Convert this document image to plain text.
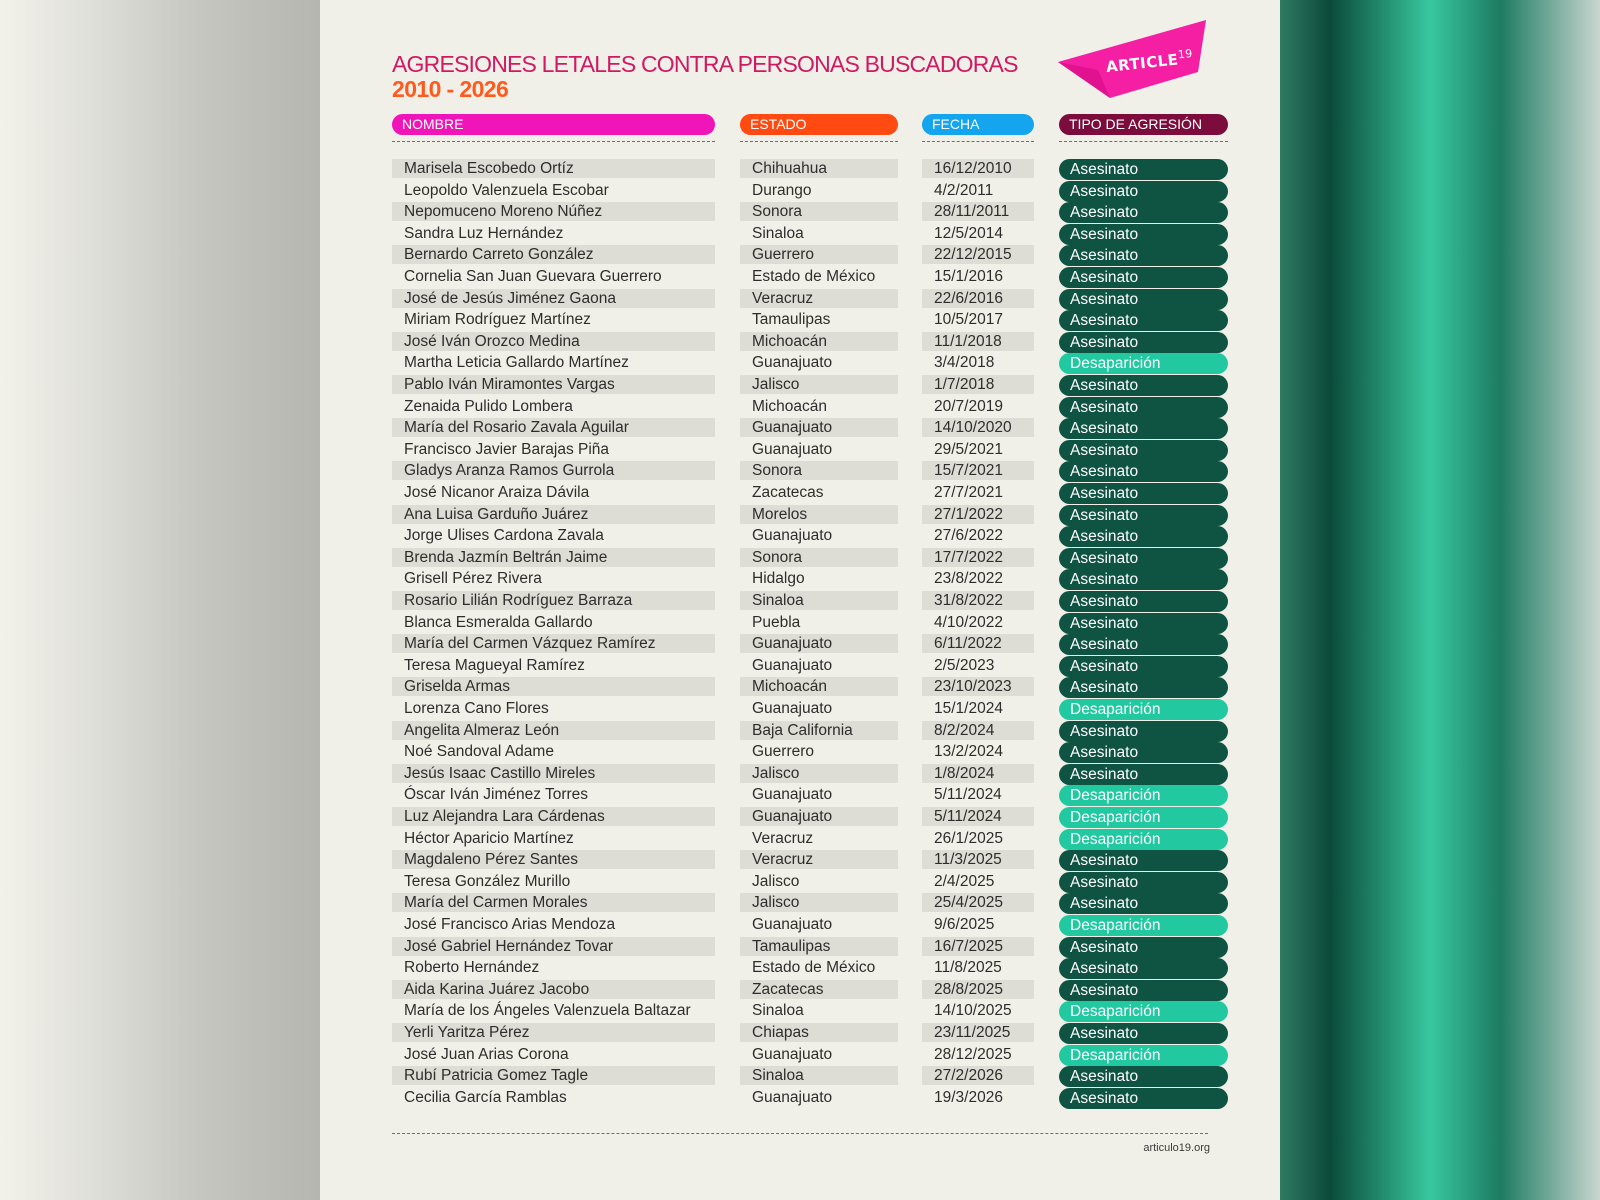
AGRESIONES LETALES CONTRA PERSONAS BUSCADORAS
2010 - 2026
ARTICLE$^{19}$
NOMBRE	ESTADO	FECHA	TIPO DE AGRESIÓN
Marisela Escobedo Ortíz	Chihuahua	16/12/2010	Asesinato
Leopoldo Valenzuela Escobar	Durango	4/2/2011	Asesinato
Nepomuceno Moreno Núñez	Sonora	28/11/2011	Asesinato
Sandra Luz Hernández	Sinaloa	12/5/2014	Asesinato
Bernardo Carreto González	Guerrero	22/12/2015	Asesinato
Cornelia San Juan Guevara Guerrero	Estado de México	15/1/2016	Asesinato
José de Jesús Jiménez Gaona	Veracruz	22/6/2016	Asesinato
Miriam Rodríguez Martínez	Tamaulipas	10/5/2017	Asesinato
José Iván Orozco Medina	Michoacán	11/1/2018	Asesinato
Martha Leticia Gallardo Martínez	Guanajuato	3/4/2018	Desaparición
Pablo Iván Miramontes Vargas	Jalisco	1/7/2018	Asesinato
Zenaida Pulido Lombera	Michoacán	20/7/2019	Asesinato
María del Rosario Zavala Aguilar	Guanajuato	14/10/2020	Asesinato
Francisco Javier Barajas Piña	Guanajuato	29/5/2021	Asesinato
Gladys Aranza Ramos Gurrola	Sonora	15/7/2021	Asesinato
José Nicanor Araiza Dávila	Zacatecas	27/7/2021	Asesinato
Ana Luisa Garduño Juárez	Morelos	27/1/2022	Asesinato
Jorge Ulises Cardona Zavala	Guanajuato	27/6/2022	Asesinato
Brenda Jazmín Beltrán Jaime	Sonora	17/7/2022	Asesinato
Grisell Pérez Rivera	Hidalgo	23/8/2022	Asesinato
Rosario Lilián Rodríguez Barraza	Sinaloa	31/8/2022	Asesinato
Blanca Esmeralda Gallardo	Puebla	4/10/2022	Asesinato
María del Carmen Vázquez Ramírez	Guanajuato	6/11/2022	Asesinato
Teresa Magueyal Ramírez	Guanajuato	2/5/2023	Asesinato
Griselda Armas	Michoacán	23/10/2023	Asesinato
Lorenza Cano Flores	Guanajuato	15/1/2024	Desaparición
Angelita Almeraz León	Baja California	8/2/2024	Asesinato
Noé Sandoval Adame	Guerrero	13/2/2024	Asesinato
Jesús Isaac Castillo Mireles	Jalisco	1/8/2024	Asesinato
Óscar Iván Jiménez Torres	Guanajuato	5/11/2024	Desaparición
Luz Alejandra Lara Cárdenas	Guanajuato	5/11/2024	Desaparición
Héctor Aparicio Martínez	Veracruz	26/1/2025	Desaparición
Magdaleno Pérez Santes	Veracruz	11/3/2025	Asesinato
Teresa González Murillo	Jalisco	2/4/2025	Asesinato
María del Carmen Morales	Jalisco	25/4/2025	Asesinato
José Francisco Arias Mendoza	Guanajuato	9/6/2025	Desaparición
José Gabriel Hernández Tovar	Tamaulipas	16/7/2025	Asesinato
Roberto Hernández	Estado de México	11/8/2025	Asesinato
Aida Karina Juárez Jacobo	Zacatecas	28/8/2025	Asesinato
María de los Ángeles Valenzuela Baltazar	Sinaloa	14/10/2025	Desaparición
Yerli Yaritza Pérez	Chiapas	23/11/2025	Asesinato
José Juan Arias Corona	Guanajuato	28/12/2025	Desaparición
Rubí Patricia Gomez Tagle	Sinaloa	27/2/2026	Asesinato
Cecilia García Ramblas	Guanajuato	19/3/2026	Asesinato
articulo19.org
